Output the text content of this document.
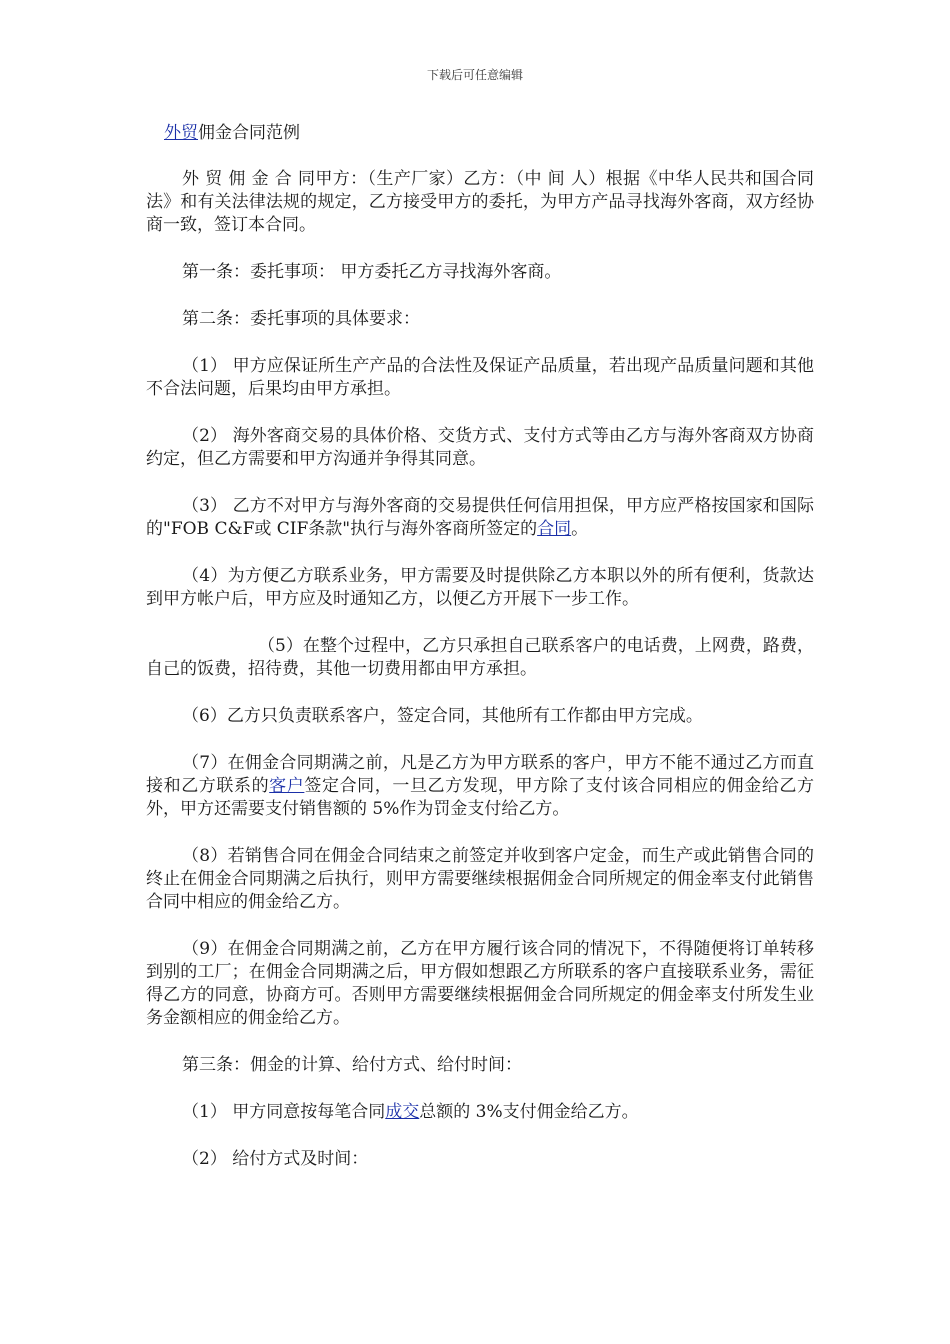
下载后可任意编辑

外贸佣金合同范例

外 贸 佣 金 合 同甲方：（生产厂家）乙方：（中 间 人）根据《中华人民共和国合同法》和有关法律法规的规定，乙方接受甲方的委托，为甲方产品寻找海外客商，双方经协商一致，签订本合同。

第一条：委托事项： 甲方委托乙方寻找海外客商。

第二条：委托事项的具体要求：

（1） 甲方应保证所生产产品的合法性及保证产品质量，若出现产品质量问题和其他不合法问题，后果均由甲方承担。

（2） 海外客商交易的具体价格、交货方式、支付方式等由乙方与海外客商双方协商约定，但乙方需要和甲方沟通并争得其同意。

（3） 乙方不对甲方与海外客商的交易提供任何信用担保，甲方应严格按国家和国际的"FOB C&F或 CIF条款"执行与海外客商所签定的合同。

（4）为方便乙方联系业务，甲方需要及时提供除乙方本职以外的所有便利，货款达到甲方帐户后，甲方应及时通知乙方，以便乙方开展下一步工作。

（5）在整个过程中，乙方只承担自己联系客户的电话费，上网费，路费，自己的饭费，招待费，其他一切费用都由甲方承担。

（6）乙方只负责联系客户，签定合同，其他所有工作都由甲方完成。

（7）在佣金合同期满之前，凡是乙方为甲方联系的客户，甲方不能不通过乙方而直接和乙方联系的客户签定合同，一旦乙方发现，甲方除了支付该合同相应的佣金给乙方外，甲方还需要支付销售额的 5%作为罚金支付给乙方。

（8）若销售合同在佣金合同结束之前签定并收到客户定金，而生产或此销售合同的终止在佣金合同期满之后执行，则甲方需要继续根据佣金合同所规定的佣金率支付此销售合同中相应的佣金给乙方。

（9）在佣金合同期满之前，乙方在甲方履行该合同的情况下，不得随便将订单转移到别的工厂；在佣金合同期满之后，甲方假如想跟乙方所联系的客户直接联系业务，需征得乙方的同意，协商方可。否则甲方需要继续根据佣金合同所规定的佣金率支付所发生业务金额相应的佣金给乙方。

第三条：佣金的计算、给付方式、给付时间：

（1） 甲方同意按每笔合同成交总额的 3%支付佣金给乙方。

（2） 给付方式及时间：
